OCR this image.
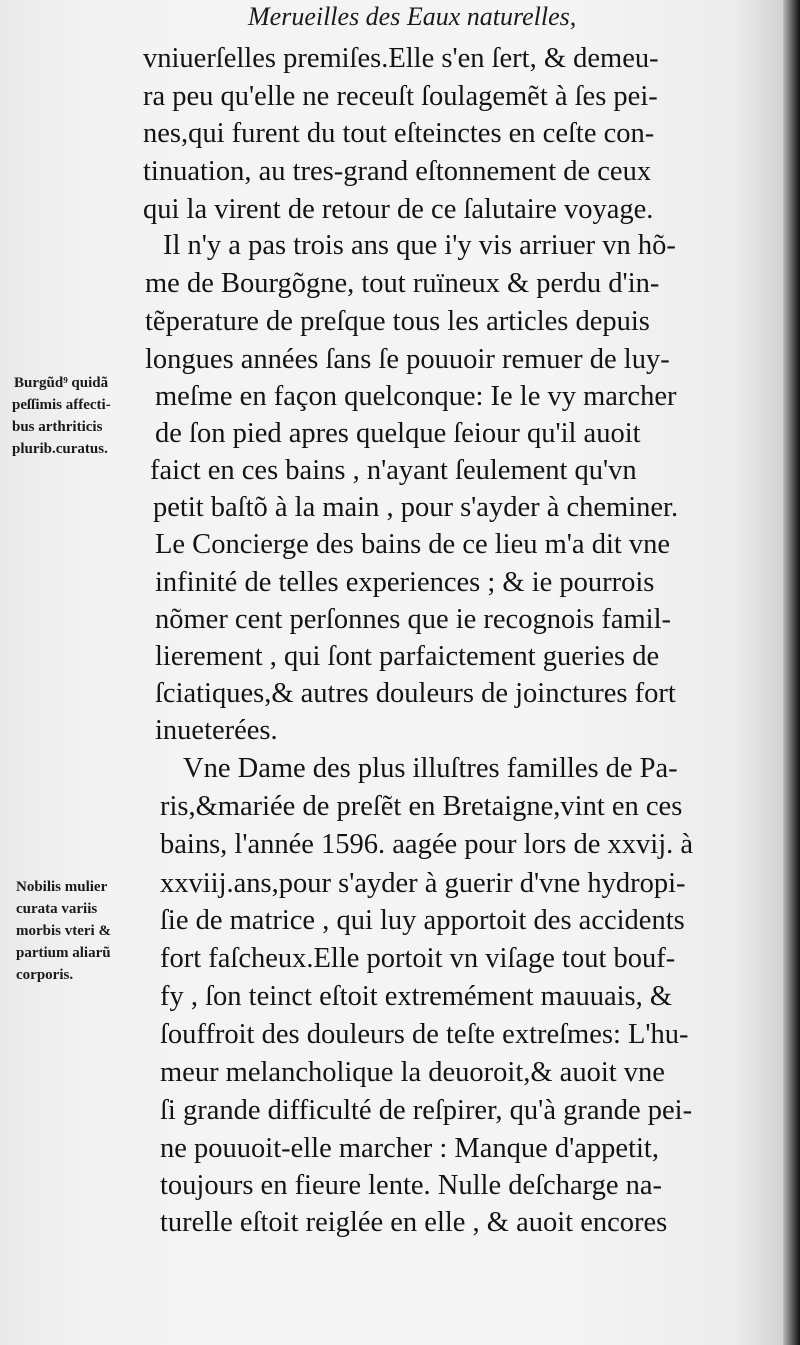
Merueilles des Eaux naturelles,
vniuerſelles premiſes.Elle s'en ſert, & demeu-
ra peu qu'elle ne receuſt ſoulagemẽt à ſes pei-
nes,qui furent du tout eſteinctes en ceſte con-
tinuation, au tres-grand eſtonnement de ceux
qui la virent de retour de ce ſalutaire voyage.
Il n'y a pas trois ans que i'y vis arriuer vn hõ-
me de Bourgõgne, tout ruïneux & perdu d'in-
tẽperature de preſque tous les articles depuis
longues années ſans ſe pouuoir remuer de luy-
meſme en façon quelconque: Ie le vy marcher
de ſon pied apres quelque ſeiour qu'il auoit
faict en ces bains , n'ayant ſeulement qu'vn
petit baſtõ à la main , pour s'ayder à cheminer.
Le Concierge des bains de ce lieu m'a dit vne
infinité de telles experiences ; & ie pourrois
nõmer cent perſonnes que ie recognois famil-
lierement , qui ſont parfaictement gueries de
ſciatiques,& autres douleurs de joinctures fort
inueterées.
Vne Dame des plus illuſtres familles de Pa-
ris,&mariée de preſẽt en Bretaigne,vint en ces
bains, l'année 1596. aagée pour lors de xxvij. à
xxviij.ans,pour s'ayder à guerir d'vne hydropi-
ſie de matrice , qui luy apportoit des accidents
fort faſcheux.Elle portoit vn viſage tout bouf-
fy , ſon teinct eſtoit extremément mauuais, &
ſouffroit des douleurs de teſte extreſmes: L'hu-
meur melancholique la deuoroit,& auoit vne
ſi grande difficulté de reſpirer, qu'à grande pei-
ne pouuoit-elle marcher : Manque d'appetit,
toujours en fieure lente. Nulle deſcharge na-
turelle eſtoit reiglée en elle , & auoit encores
Burgũd⁹ quidã
peſſimis affecti-
bus arthriticis
plurib.curatus.
Nobilis mulier
curata variis
morbis vteri &
partium aliarũ
corporis.
